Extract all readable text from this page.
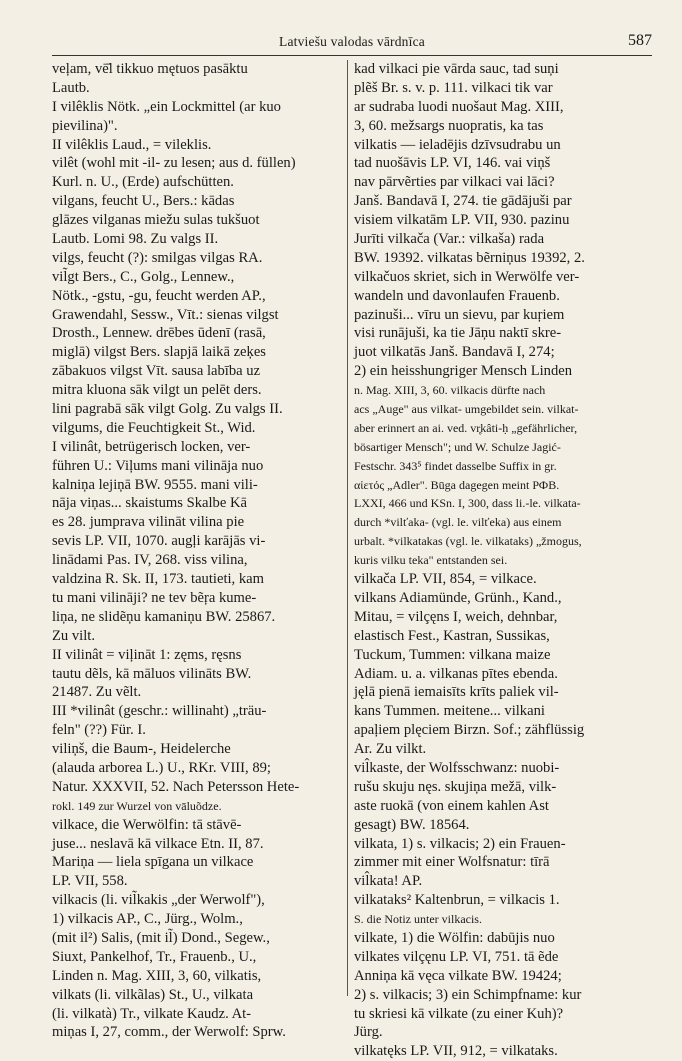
Latviešu valodas vārdnīca	587
veļam, vē̄l tikkuo mętuos pasāktu
Lautb.
I vilêklis Nötk. „ein Lockmittel (ar kuo
pievilina)".
II vilêklis Laud., = vileklis.
vilêt (wohl mit -il- zu lesen; aus d. füllen)
Kurl. n. U., (Erde) aufschütten.
vilgans, feucht U., Bers.: kādas
glāzes vilganas miežu sulas tukšuot
Lautb. Lomi 98. Zu valgs II.
vilgs, feucht (?): smilgas vilgas RA.
vil̃gt Bers., C., Golg., Lennew.,
Nötk., -gstu, -gu, feucht werden AP.,
Grawendahl, Sessw., Vīt.: sienas vilgst
Drosth., Lennew. drēbes ūdenī (rasā,
miglā) vilgst Bers. slapjā laikā zeķes
zābakuos vilgst Vīt. sausa labība uz
mitra kluona sāk vilgt un pelēt ders.
lini pagrabā sāk vilgt Golg. Zu valgs II.
vilgums, die Feuchtigkeit St., Wid.
I vilinât, betrügerisch locken, ver-
führen U.: Viļums mani vilināja nuo
kalniņa lejiņā BW. 9555. mani vili-
nāja viņas... skaistums Skalbe Kā
es 28. jumprava vilināt vilina pie
sevis LP. VII, 1070. augļi karājās vi-
linādami Pas. IV, 268. viss vilina,
valdzina R. Sk. II, 173. tautieti, kam
tu mani vilināji? ne tev bẽŗa kume-
liņa, ne slidẽņu kamaniņu BW. 25867.
Zu vilt.
II vilinât = viļināt 1: zęms, ręsns
tautu dẽls, kā māluos vilināts BW.
21487. Zu vẽlt.
III *vilinât (geschr.: willinaht) „träu-
feln" (??) Für. I.
viliņš, die Baum-, Heidelerche
(alauda arborea L.) U., RKr. VIII, 89;
Natur. XXXVII, 52. Nach Petersson Hete-
rokl. 149 zur Wurzel von vāluõdze.
vilkace, die Werwölfin: tā stāvē-
juse... neslavā kā vilkace Etn. II, 87.
Mariņa — liela spīgana un vilkace
LP. VII, 558.
vilkacis (li. vil̃kakis „der Werwolf"),
1) vilkacis AP., C., Jürg., Wolm.,
(mit il²) Salis, (mit il̃) Dond., Segew.,
Siuxt, Pankelhof, Tr., Frauenb., U.,
Linden n. Mag. XIII, 3, 60, vilkatis,
vilkats (li. vilkãlas) St., U., vilkata
(li. vilkatà) Tr., vilkate Kaudz. At-
miņas I, 27, comm., der Werwolf: Sprw.
kad vilkaci pie vārda sauc, tad suņi
plẽš Br. s. v. p. 111. vilkaci tik var
ar sudraba luodi nuošaut Mag. XIII,
3, 60. mežsargs nuopratis, ka tas
vilkatis — ieladējis dzīvsudrabu un
tad nuošāvis LP. VI, 146. vai viņš
nav pārvẽrties par vilkaci vai lāci?
Janš. Bandavā I, 274. tie gādājuši par
visiem vilkatām LP. VII, 930. pazinu
Jurīti vilkača (Var.: vilkaša) rada
BW. 19392. vilkatas bẽrniņus 19392, 2.
vilkačuos skriet, sich in Werwölfe ver-
wandeln und davonlaufen Frauenb.
pazinuši... vīru un sievu, par kuŗiem
visi runājuši, ka tie Jāņu naktī skre-
juot vilkatās Janš. Bandavā I, 274;
2) ein heisshungriger Mensch Linden
n. Mag. XIII, 3, 60. vilkacis dürfte nach
acs „Auge" aus vilkat- umgebildet sein. vilkat-
aber erinnert an ai. ved. vr̥kâti-ḥ „gefährlicher,
bösartiger Mensch"; und W. Schulze Jagić-
Festschr. 343⁵ findet dasselbe Suffix in gr.
αἰετός „Adler". Būga dagegen meint РФВ.
LXXI, 466 und KSn. I, 300, dass li.-le. vilkata-
durch *vilťaka- (vgl. le. vilťeka) aus einem
urbalt. *vilkatakas (vgl. le. vilkataks) „žmogus,
kuris vilku teka" entstanden sei.
vilkača LP. VII, 854, = vilkace.
vilkans Adiamünde, Grünh., Kand.,
Mitau, = vilçęns I, weich, dehnbar,
elastisch Fest., Kastran, Sussikas,
Tuckum, Tummen: vilkana maize
Adiam. u. a. vilkanas pītes ebenda.
jęlā pienā iemaisīts krīts paliek vil-
kans Tummen. meitene... vilkani
apaļiem plęciem Birzn. Sof.; zähflüssig
Ar. Zu vilkt.
vil̂kaste, der Wolfsschwanz: nuobi-
rušu skuju nęs. skujiņa mežā, vilk-
aste ruokā (von einem kahlen Ast
gesagt) BW. 18564.
vilkata, 1) s. vilkacis; 2) ein Frauen-
zimmer mit einer Wolfsnatur: tīrā
vil̂kata! AP.
vilkataks² Kaltenbrun, = vilkacis 1.
S. die Notiz unter vilkacis.
vilkate, 1) die Wölfin: dabūjis nuo
vilkates vilçęnu LP. VI, 751. tā ẽde
Anniņa kā vęca vilkate BW. 19424;
2) s. vilkacis; 3) ein Schimpfname: kur
tu skriesi kā vilkate (zu einer Kuh)?
Jürg.
vilkatęks LP. VII, 912, = vilkataks.
